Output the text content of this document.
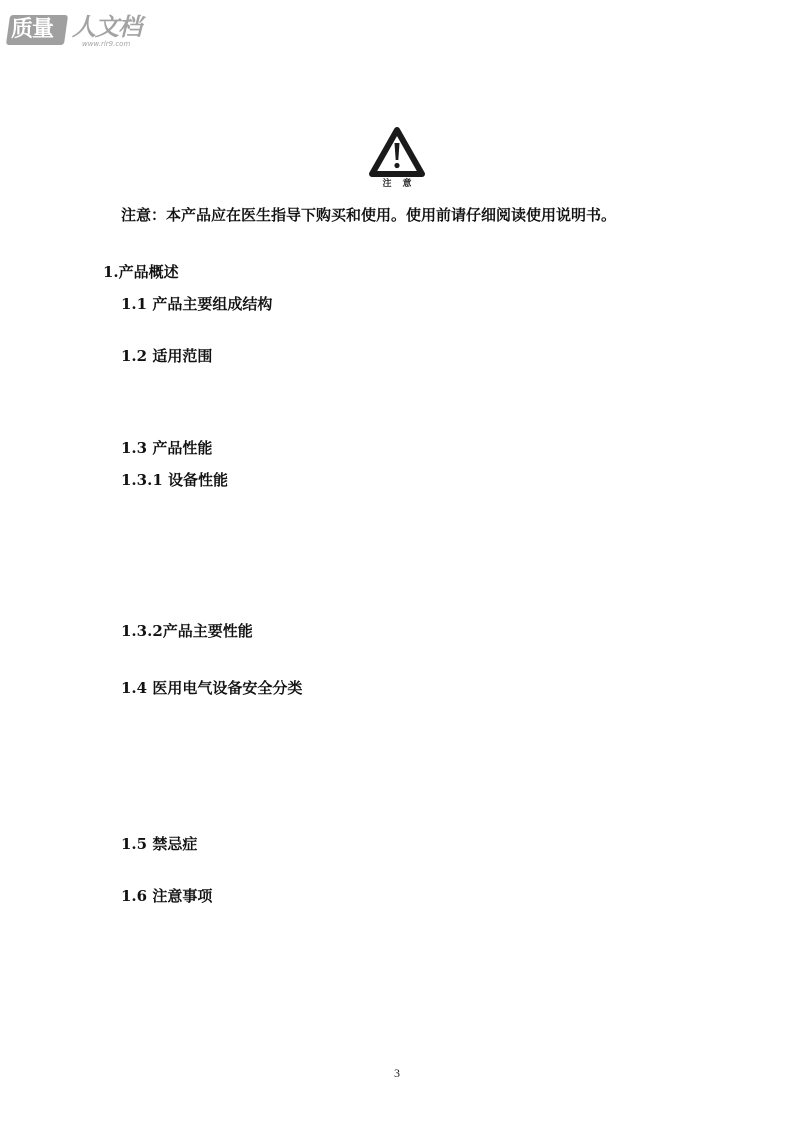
质量 人文档
www.rlr9.com
注意
注意：本产品应在医生指导下购买和使用。使用前请仔细阅读使用说明书。
1.产品概述
1.1 产品主要组成结构
1.2 适用范围
1.3 产品性能
1.3.1 设备性能
1.3.2产品主要性能
1.4 医用电气设备安全分类
1.5 禁忌症
1.6 注意事项
3
